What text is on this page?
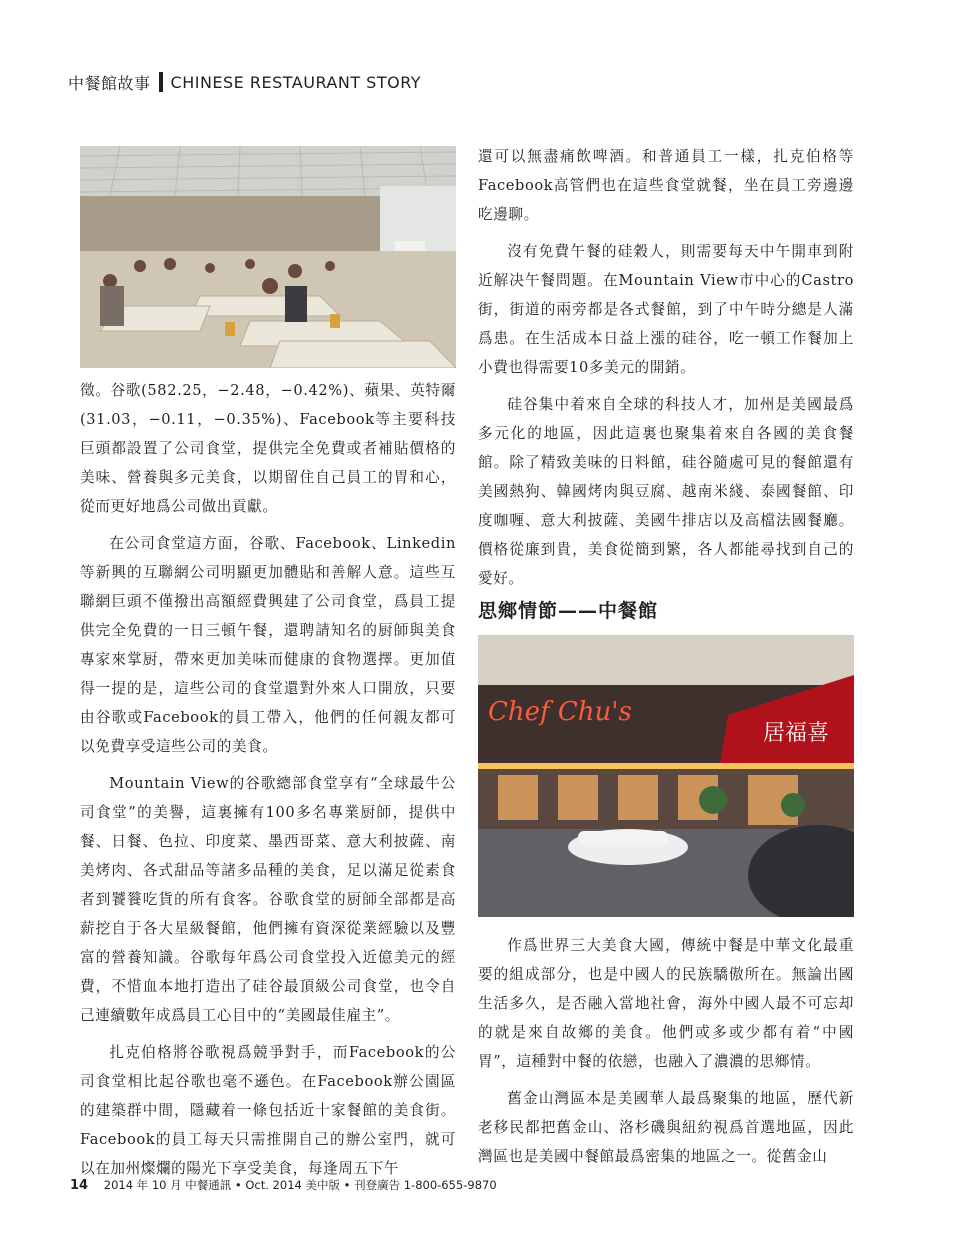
中餐館故事 CHINESE RESTAURANT STORY

徵。谷歌(582.25，−2.48，−0.42%)、蘋果、英特爾(31.03，−0.11，−0.35%)、Facebook等主要科技巨頭都設置了公司食堂，提供完全免費或者補貼價格的美味、營養與多元美食，以期留住自己員工的胃和心，從而更好地爲公司做出貢獻。

在公司食堂這方面，谷歌、Facebook、Linkedin等新興的互聯網公司明顯更加體貼和善解人意。這些互聯網巨頭不僅撥出高額經費興建了公司食堂，爲員工提供完全免費的一日三頓午餐，還聘請知名的厨師與美食專家來掌厨，帶來更加美味而健康的食物選擇。更加值得一提的是，這些公司的食堂還對外來人口開放，只要由谷歌或Facebook的員工帶入，他們的任何親友都可以免費享受這些公司的美食。

Mountain View的谷歌總部食堂享有“全球最牛公司食堂”的美譽，這裏擁有100多名專業厨師，提供中餐、日餐、色拉、印度菜、墨西哥菜、意大利披薩、南美烤肉、各式甜品等諸多品種的美食，足以滿足從素食者到饕餮吃貨的所有食客。谷歌食堂的厨師全部都是高薪挖自于各大星級餐館，他們擁有資深從業經驗以及豐富的營養知識。谷歌每年爲公司食堂投入近億美元的經費，不惜血本地打造出了硅谷最頂級公司食堂，也令自己連續數年成爲員工心目中的“美國最佳雇主”。

扎克伯格將谷歌視爲競爭對手，而Facebook的公司食堂相比起谷歌也毫不遜色。在Facebook辦公園區的建築群中間，隱藏着一條包括近十家餐館的美食街。Facebook的員工每天只需推開自己的辦公室門，就可以在加州燦爛的陽光下享受美食，每逢周五下午

還可以無盡痛飲啤酒。和普通員工一樣，扎克伯格等Facebook高管們也在這些食堂就餐，坐在員工旁邊邊吃邊聊。

沒有免費午餐的硅穀人，則需要每天中午開車到附近解决午餐問題。在Mountain View市中心的Castro街，街道的兩旁都是各式餐館，到了中午時分總是人滿爲患。在生活成本日益上漲的硅谷，吃一頓工作餐加上小費也得需要10多美元的開銷。

硅谷集中着來自全球的科技人才，加州是美國最爲多元化的地區，因此這裏也聚集着來自各國的美食餐館。除了精致美味的日料館，硅谷隨處可見的餐館還有美國熱狗、韓國烤肉與豆腐、越南米綫、泰國餐館、印度咖喱、意大利披薩、美國牛排店以及高檔法國餐廳。價格從廉到貴，美食從簡到繁，各人都能尋找到自己的愛好。

思鄉情節——中餐館
Chef Chu's
居福喜

作爲世界三大美食大國，傳統中餐是中華文化最重要的組成部分，也是中國人的民族驕傲所在。無論出國生活多久，是否融入當地社會，海外中國人最不可忘却的就是來自故鄉的美食。他們或多或少都有着“中國胃”，這種對中餐的依戀，也融入了濃濃的思鄉情。

舊金山灣區本是美國華人最爲聚集的地區，歷代新老移民都把舊金山、洛杉磯與紐約視爲首選地區，因此灣區也是美國中餐館最爲密集的地區之一。從舊金山

14 2014 年 10 月 中餐通訊 • Oct. 2014 美中版 • 刊登廣告 1-800-655-9870
